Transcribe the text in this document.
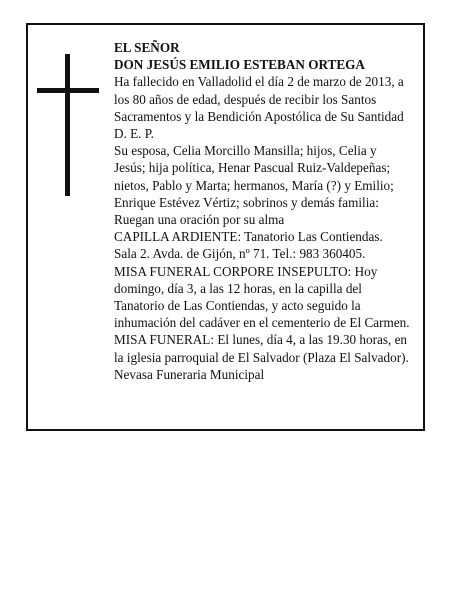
EL SEÑOR
DON JESÚS EMILIO ESTEBAN ORTEGA
Ha fallecido en Valladolid el día 2 de marzo de 2013, a
los 80 años de edad, después de recibir los Santos
Sacramentos y la Bendición Apostólica de Su Santidad
D. E. P.
Su esposa, Celia Morcillo Mansilla; hijos, Celia y
Jesús; hija política, Henar Pascual Ruiz-Valdepeñas;
nietos, Pablo y Marta; hermanos, María (?) y Emilio;
Enrique Estévez Vértiz; sobrinos y demás familia:
Ruegan una oración por su alma
CAPILLA ARDIENTE: Tanatorio Las Contiendas.
Sala 2. Avda. de Gijón, nº 71. Tel.: 983 360405.
MISA FUNERAL CORPORE INSEPULTO: Hoy
domingo, día 3, a las 12 horas, en la capilla del
Tanatorio de Las Contiendas, y acto seguido la
inhumación del cadáver en el cementerio de El Carmen.
MISA FUNERAL: El lunes, día 4, a las 19.30 horas, en
la iglesia parroquial de El Salvador (Plaza El Salvador).
Nevasa Funeraria Municipal
